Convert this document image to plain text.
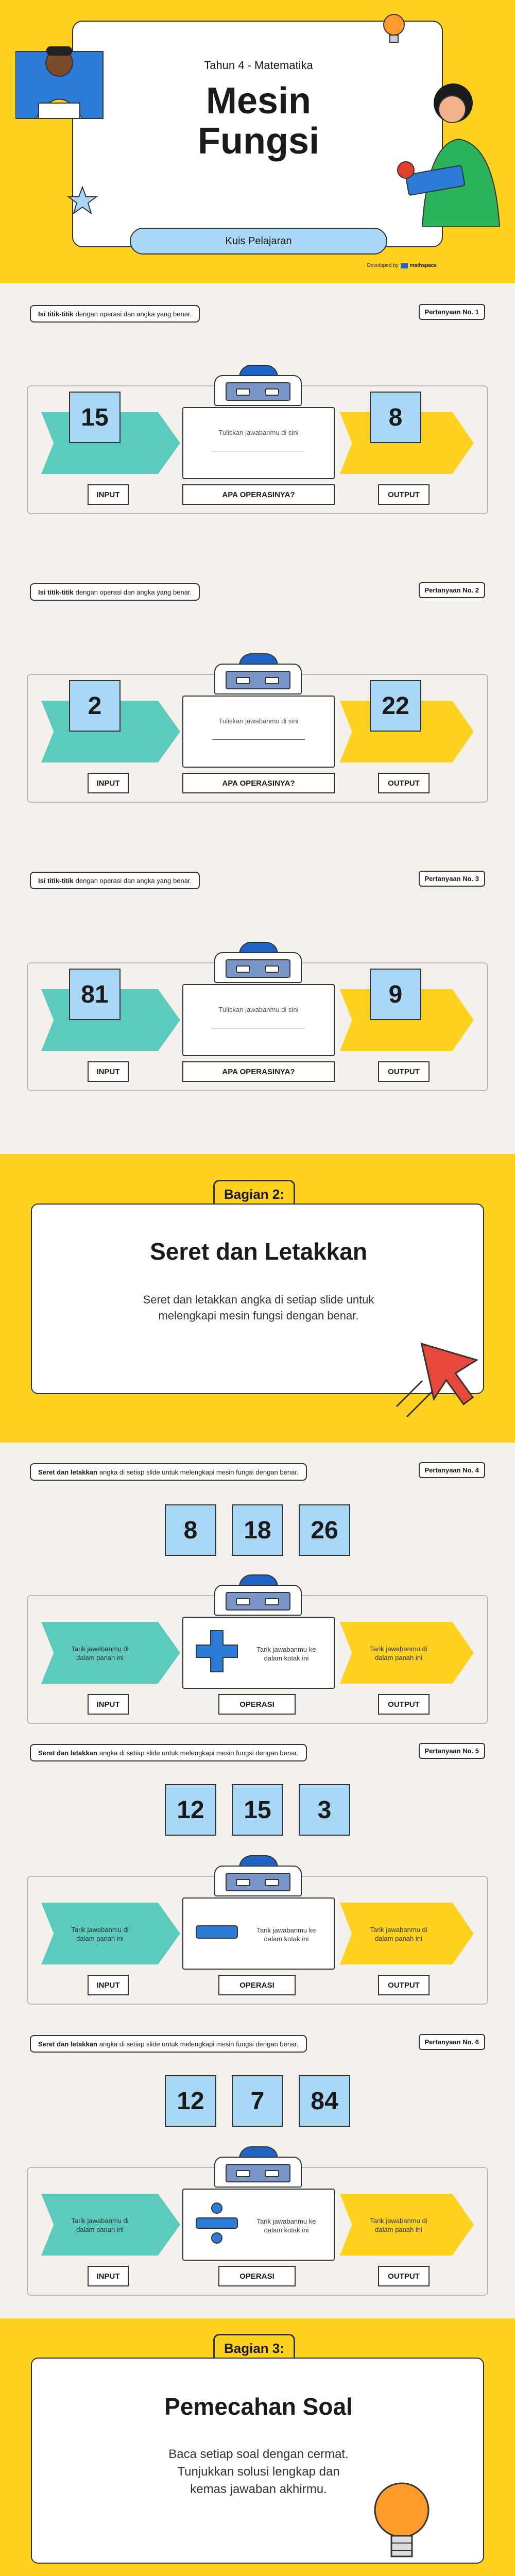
Tahun 4 - Matematika
Mesin
Fungsi
Kuis Pelajaran
Developed by mathspace
Isi titik-titik dengan operasi dan angka yang benar.	Pertanyaan No. 1
15
Tuliskan jawabanmu di sini
8
INPUT	APA OPERASINYA?	OUTPUT
Isi titik-titik dengan operasi dan angka yang benar.	Pertanyaan No. 2
2
Tuliskan jawabanmu di sini
22
INPUT	APA OPERASINYA?	OUTPUT
Isi titik-titik dengan operasi dan angka yang benar.	Pertanyaan No. 3
81
Tuliskan jawabanmu di sini
9
INPUT	APA OPERASINYA?	OUTPUT
Bagian 2:
Seret dan Letakkan
Seret dan letakkan angka di setiap slide untuk melengkapi mesin fungsi dengan benar.
Seret dan letakkan angka di setiap slide untuk melengkapi mesin fungsi dengan benar.	Pertanyaan No. 4
8	18	26
Tarik jawabanmu di dalam panah ini
Tarik jawabanmu ke dalam kotak ini
Tarik jawabanmu di dalam panah ini
INPUT	OPERASI	OUTPUT
Seret dan letakkan angka di setiap slide untuk melengkapi mesin fungsi dengan benar.	Pertanyaan No. 5
12	15	3
Tarik jawabanmu di dalam panah ini
Tarik jawabanmu ke dalam kotak ini
Tarik jawabanmu di dalam panah ini
INPUT	OPERASI	OUTPUT
Seret dan letakkan angka di setiap slide untuk melengkapi mesin fungsi dengan benar.	Pertanyaan No. 6
12	7	84
Tarik jawabanmu di dalam panah ini
Tarik jawabanmu ke dalam kotak ini
Tarik jawabanmu di dalam panah ini
INPUT	OPERASI	OUTPUT
Bagian 3:
Pemecahan Soal
Baca setiap soal dengan cermat.
Tunjukkan solusi lengkap dan
kemas jawaban akhirmu.
